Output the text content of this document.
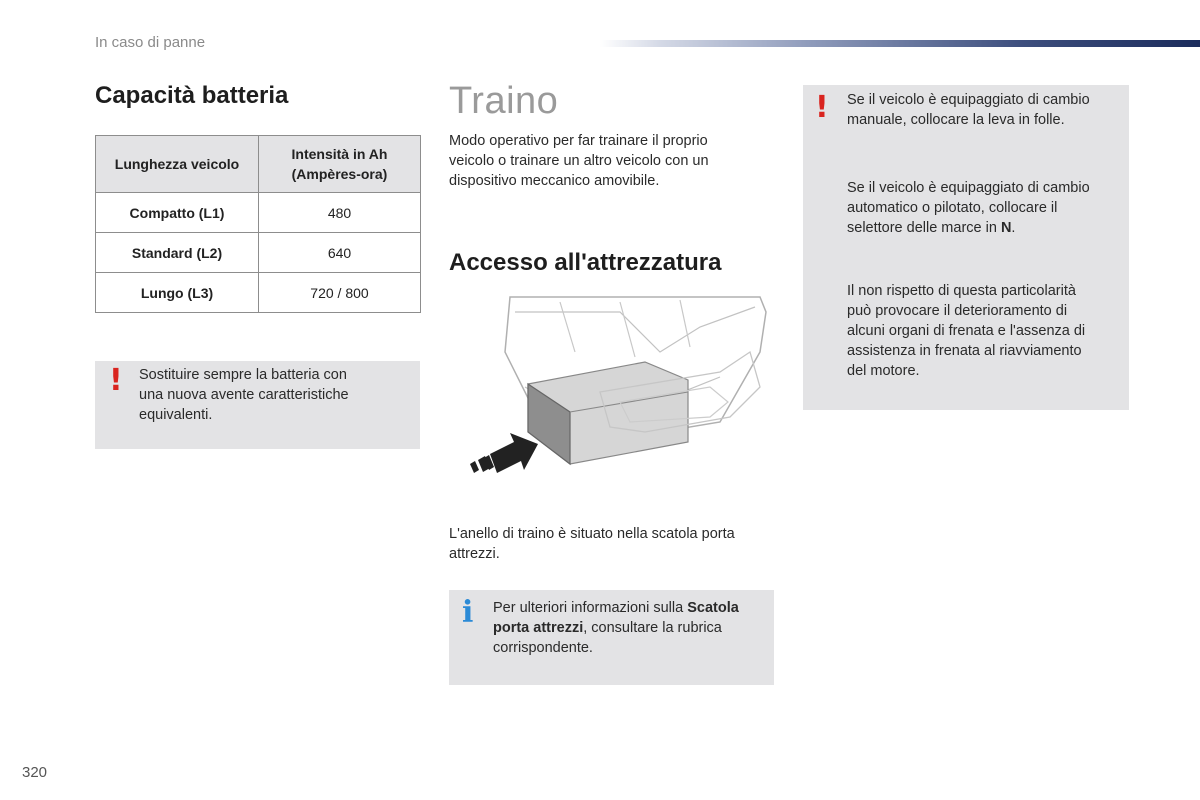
In caso di panne
Capacità batteria
Lunghezza veicolo	Intensità in Ah
(Ampères-ora)

Compatto (L1)	480
Standard (L2)	640
Lungo (L3)	720 / 800
! Sostituire sempre la batteria con
una nuova avente caratteristiche
equivalenti.
Traino
Modo operativo per far trainare il proprio
veicolo o trainare un altro veicolo con un
dispositivo meccanico amovibile.
Accesso all'attrezzatura
L'anello di traino è situato nella scatola porta
attrezzi.
i Per ulteriori informazioni sulla Scatola
porta attrezzi, consultare la rubrica
corrispondente.
! Se il veicolo è equipaggiato di cambio
manuale, collocare la leva in folle.
Se il veicolo è equipaggiato di cambio
automatico o pilotato, collocare il
selettore delle marce in N.
Il non rispetto di questa particolarità
può provocare il deterioramento di
alcuni organi di frenata e l'assenza di
assistenza in frenata al riavviamento
del motore.
320
